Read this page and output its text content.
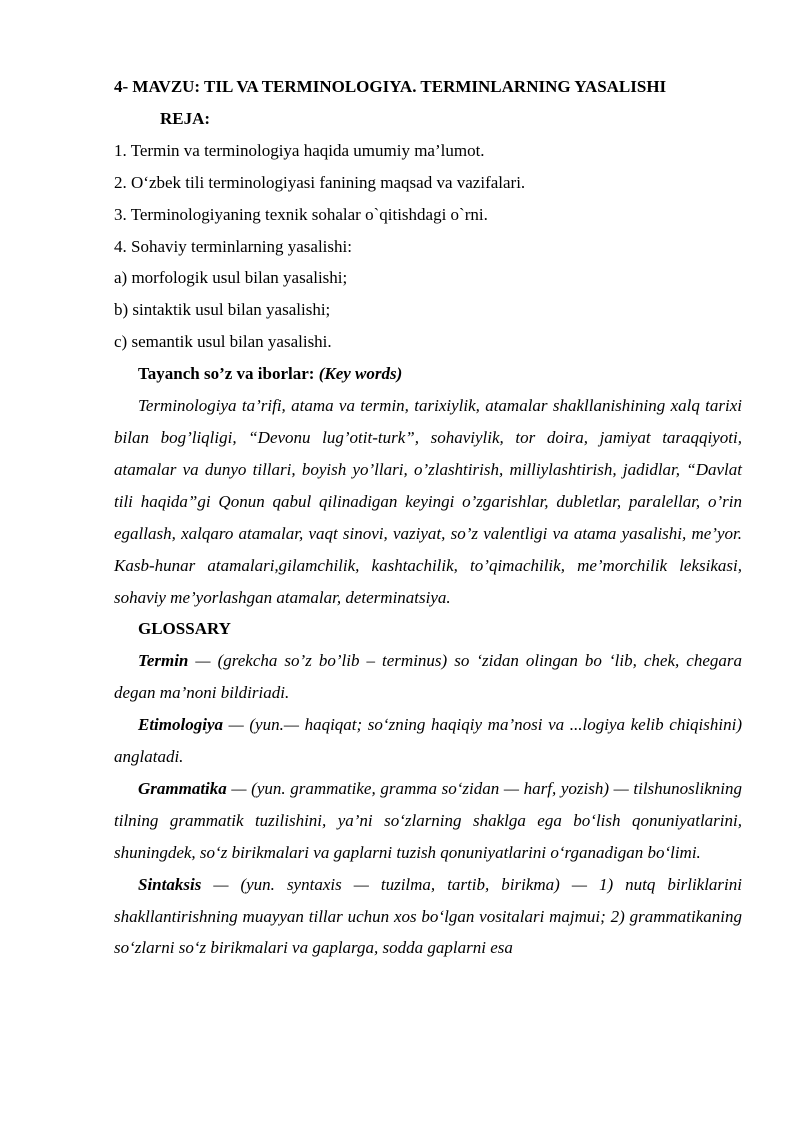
4- MAVZU: TIL VA TERMINOLOGIYA. TERMINLARNING YASALISHI

REJA:

1. Termin va terminologiya haqida umumiy ma’lumot.

2. O‘zbek tili terminologiyasi fanining maqsad va vazifalari.

3. Terminologiyaning texnik sohalar o`qitishdagi o`rni.

4. Sohaviy terminlarning yasalishi:

a) morfologik usul bilan yasalishi;

b) sintaktik usul bilan yasalishi;

c) semantik usul bilan yasalishi.

Tayanch so’z va iborlar: (Key words)

Terminologiya ta’rifi, atama va termin, tarixiylik, atamalar shakllanishining xalq tarixi bilan bog’liqligi, “Devonu lug’otit-turk”, sohaviylik, tor doira, jamiyat taraqqiyoti, atamalar va dunyo tillari, boyish yo’llari, o’zlashtirish, milliylashtirish, jadidlar, “Davlat tili haqida”gi Qonun qabul qilinadigan keyingi o’zgarishlar, dubletlar, paralellar, o’rin egallash, xalqaro atamalar, vaqt sinovi, vaziyat, so’z valentligi va atama yasalishi, me’yor. Kasb-hunar atamalari,gilamchilik, kashtachilik, to’qimachilik, me’morchilik leksikasi, sohaviy me’yorlashgan atamalar, determinatsiya.

GLOSSARY

Termin — (grekcha so’z bo’lib – terminus) so ‘zidan olingan bo ‘lib, chek, chegara degan ma’noni bildiriadi.

Etimologiya — (yun.— haqiqat; so‘zning haqiqiy ma’nosi va ...logiya kelib chiqishini) anglatadi.

Grammatika — (yun. grammatike, gramma so‘zidan — harf, yozish) — tilshunoslikning tilning grammatik tuzilishini, ya’ni so‘zlarning shaklga ega bo‘lish qonuniyatlarini, shuningdek, so‘z birikmalari va gaplarni tuzish qonuniyatlarini o‘rganadigan bo‘limi.

Sintaksis — (yun. syntaxis — tuzilma, tartib, birikma) — 1) nutq birliklarini shakllantirishning muayyan tillar uchun xos bo‘lgan vositalari majmui; 2) grammatikaning so‘zlarni so‘z birikmalari va gaplarga, sodda gaplarni esa
